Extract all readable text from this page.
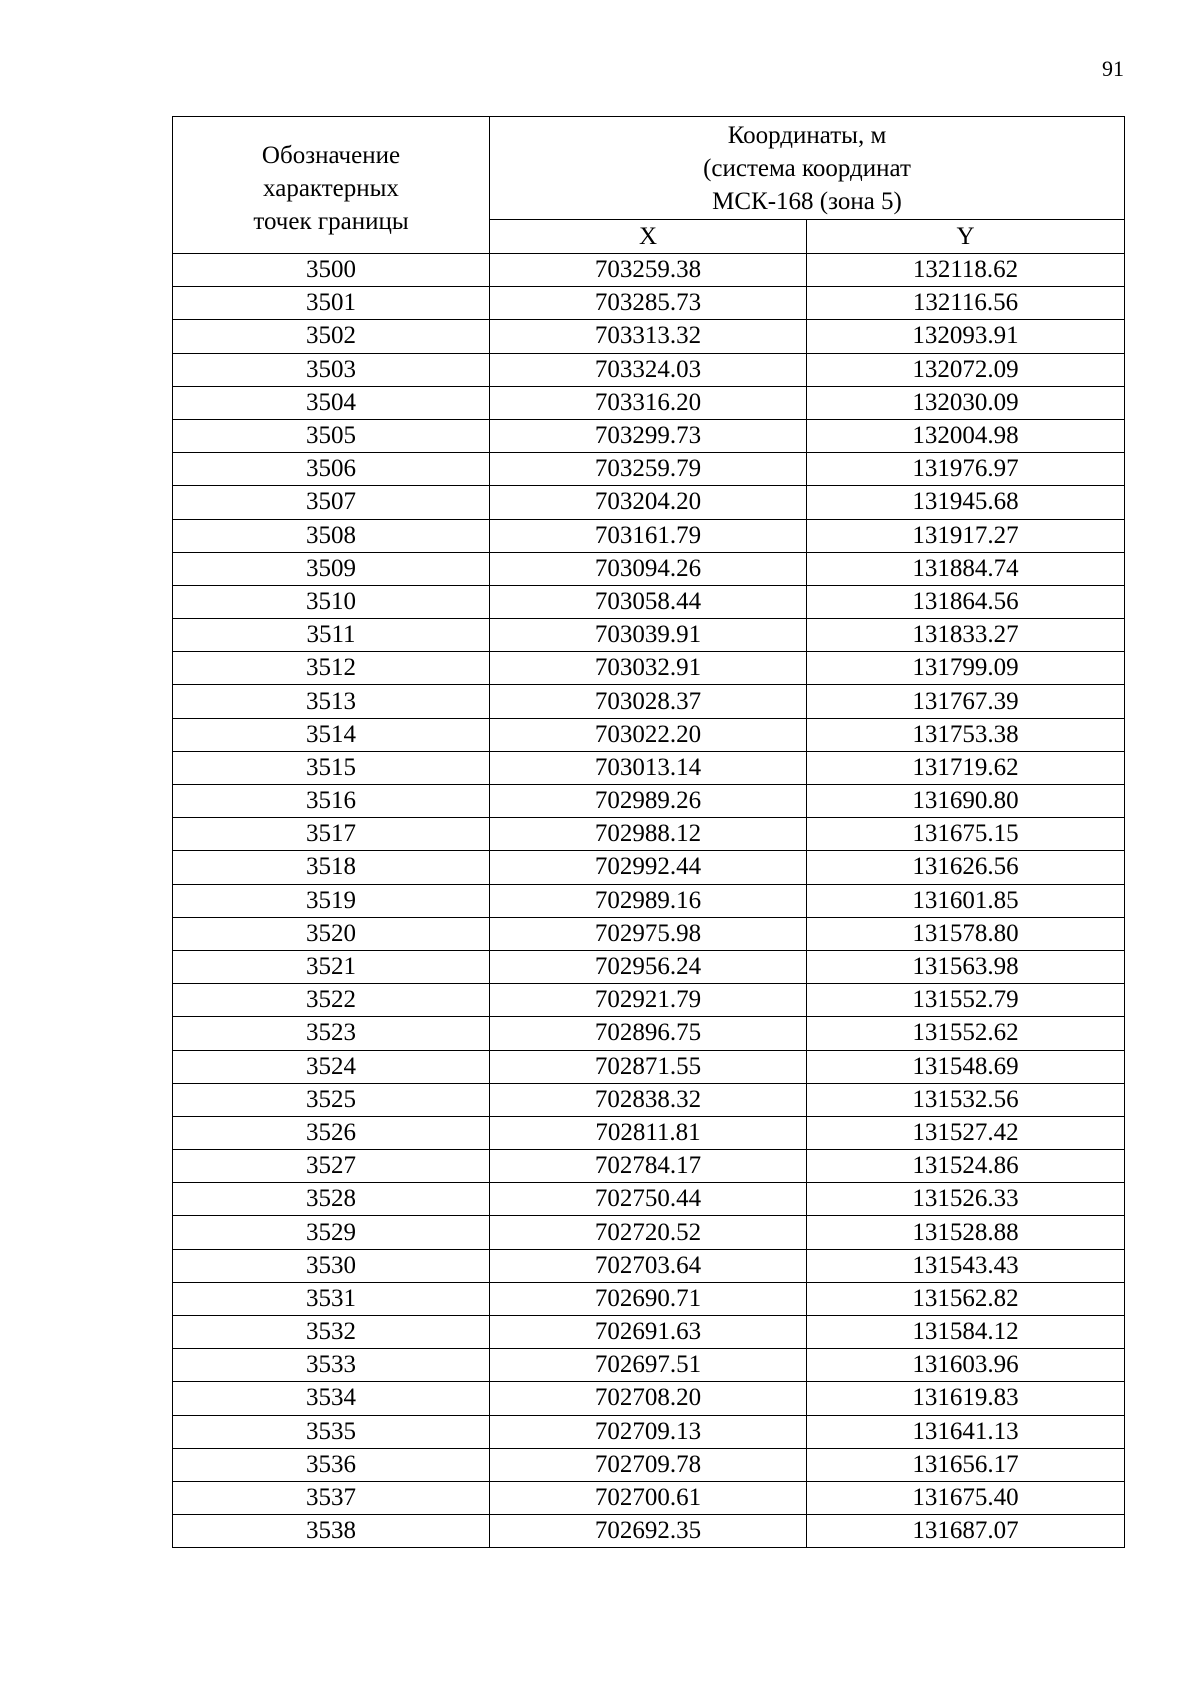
91
Обозначение
характерных
точек границы	Координаты, м
(система координат
МСК-168 (зона 5)	

	X	Y
3500	703259.38	132118.62
3501	703285.73	132116.56
3502	703313.32	132093.91
3503	703324.03	132072.09
3504	703316.20	132030.09
3505	703299.73	132004.98
3506	703259.79	131976.97
3507	703204.20	131945.68
3508	703161.79	131917.27
3509	703094.26	131884.74
3510	703058.44	131864.56
3511	703039.91	131833.27
3512	703032.91	131799.09
3513	703028.37	131767.39
3514	703022.20	131753.38
3515	703013.14	131719.62
3516	702989.26	131690.80
3517	702988.12	131675.15
3518	702992.44	131626.56
3519	702989.16	131601.85
3520	702975.98	131578.80
3521	702956.24	131563.98
3522	702921.79	131552.79
3523	702896.75	131552.62
3524	702871.55	131548.69
3525	702838.32	131532.56
3526	702811.81	131527.42
3527	702784.17	131524.86
3528	702750.44	131526.33
3529	702720.52	131528.88
3530	702703.64	131543.43
3531	702690.71	131562.82
3532	702691.63	131584.12
3533	702697.51	131603.96
3534	702708.20	131619.83
3535	702709.13	131641.13
3536	702709.78	131656.17
3537	702700.61	131675.40
3538	702692.35	131687.07
